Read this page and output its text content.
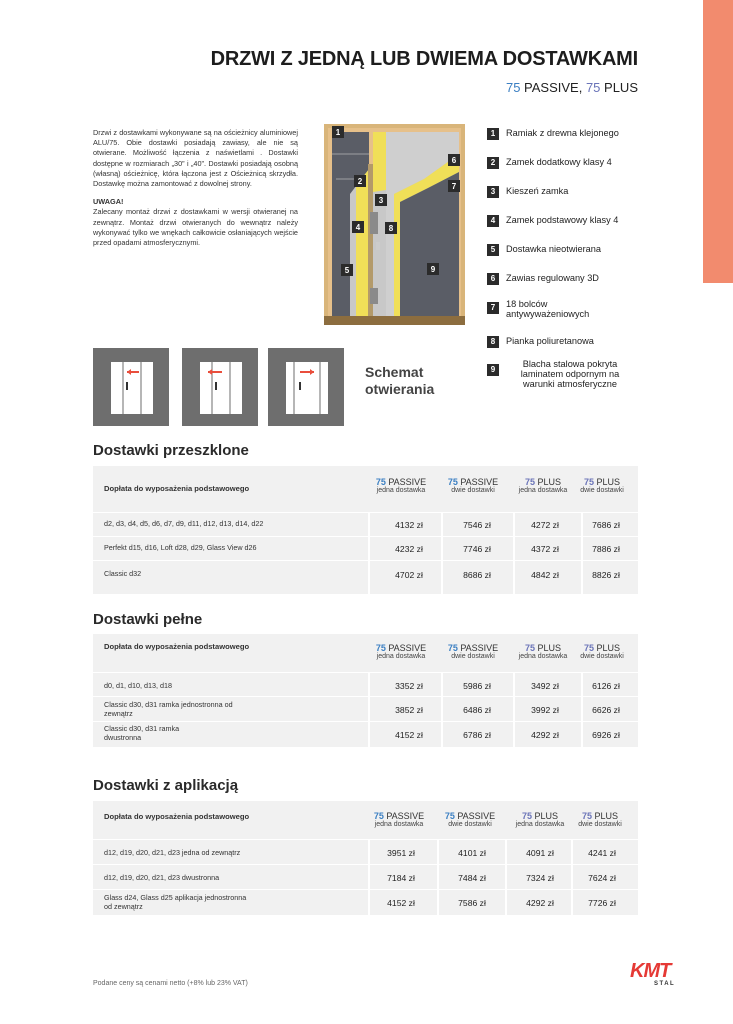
DRZWI Z JEDNĄ LUB DWIEMA DOSTAWKAMI
75 PASSIVE, 75 PLUS

Drzwi z dostawkami wykonywane są na ościeżnicy aluminiowej ALU/75. Obie dostawki posiadają zawiasy, ale nie są otwierane. Możliwość łączenia z naświetlami . Dostawki dostępne w rozmiarach „30” i „40”. Dostawki posiadają osobną (własną) ościeżnicę, która łączona jest z Ościeżnicą skrzydła. Dostawkę można zamontować z dowolnej strony.

UWAGA!

Zalecany montaż drzwi z dostawkami w wersji otwieranej na zewnątrz. Montaż drzwi otwieranych do wewnątrz należy wykonywać tylko we wnękach całkowicie osłaniających wejście przed opadami atmosferycznymi.

1
2
3
4
5
6
7
8
9
1	Ramiak z drewna klejonego
2	Zamek dodatkowy klasy 4
3	Kieszeń zamka
4	Zamek podstawowy klasy 4
5	Dostawka nieotwierana
6	Zawias regulowany 3D
7	18 bolców antywyważeniowych
8	Pianka poliuretanowa
9
Blacha stalowa pokryta laminatem odpornym na warunki atmosferyczne
Schemat otwierania
Dostawki przeszklone
Dopłata do wyposażenia podstawowego
75 PASSIVE
jedna dostawka
75 PASSIVE
dwie dostawki
75 PLUS
jedna dostawka
75 PLUS
dwie dostawki
d2, d3, d4, d5, d6, d7, d9, d11, d12, d13, d14, d22	4132 zł	7546 zł	4272 zł	7686 zł
Perfekt d15, d16, Loft d28, d29, Glass View d26	4232 zł	7746 zł	4372 zł	7886 zł
Classic d32	4702 zł	8686 zł	4842 zł	8826 zł
Dostawki pełne
Dopłata do wyposażenia podstawowego	75 PASSIVE
jedna dostawka
75 PASSIVE
dwie dostawki
75 PLUS
jedna dostawka
75 PLUS
dwie dostawki
d0, d1, d10, d13, d18	3352 zł	5986 zł	3492 zł	6126 zł
Classic d30, d31 ramka jednostronna od zewnątrz	3852 zł	6486 zł	3992 zł	6626 zł
Classic d30, d31 ramka dwustronna	4152 zł	6786 zł	4292 zł	6926 zł
Dostawki z aplikacją
Dopłata do wyposażenia podstawowego	75 PASSIVE
jedna dostawka
75 PASSIVE
dwie dostawki
75 PLUS
jedna dostawka
75 PLUS
dwie dostawki
d12, d19, d20, d21, d23 jedna od zewnątrz	3951 zł	4101 zł	4091 zł	4241 zł
d12, d19, d20, d21, d23 dwustronna	7184 zł	7484 zł	7324 zł	7624 zł
Glass d24, Glass d25 aplikacja jednostronna od zewnątrz	4152 zł	7586 zł	4292 zł	7726 zł
Podane ceny są cenami netto (+8% lub 23% VAT)
KMT
STAL
